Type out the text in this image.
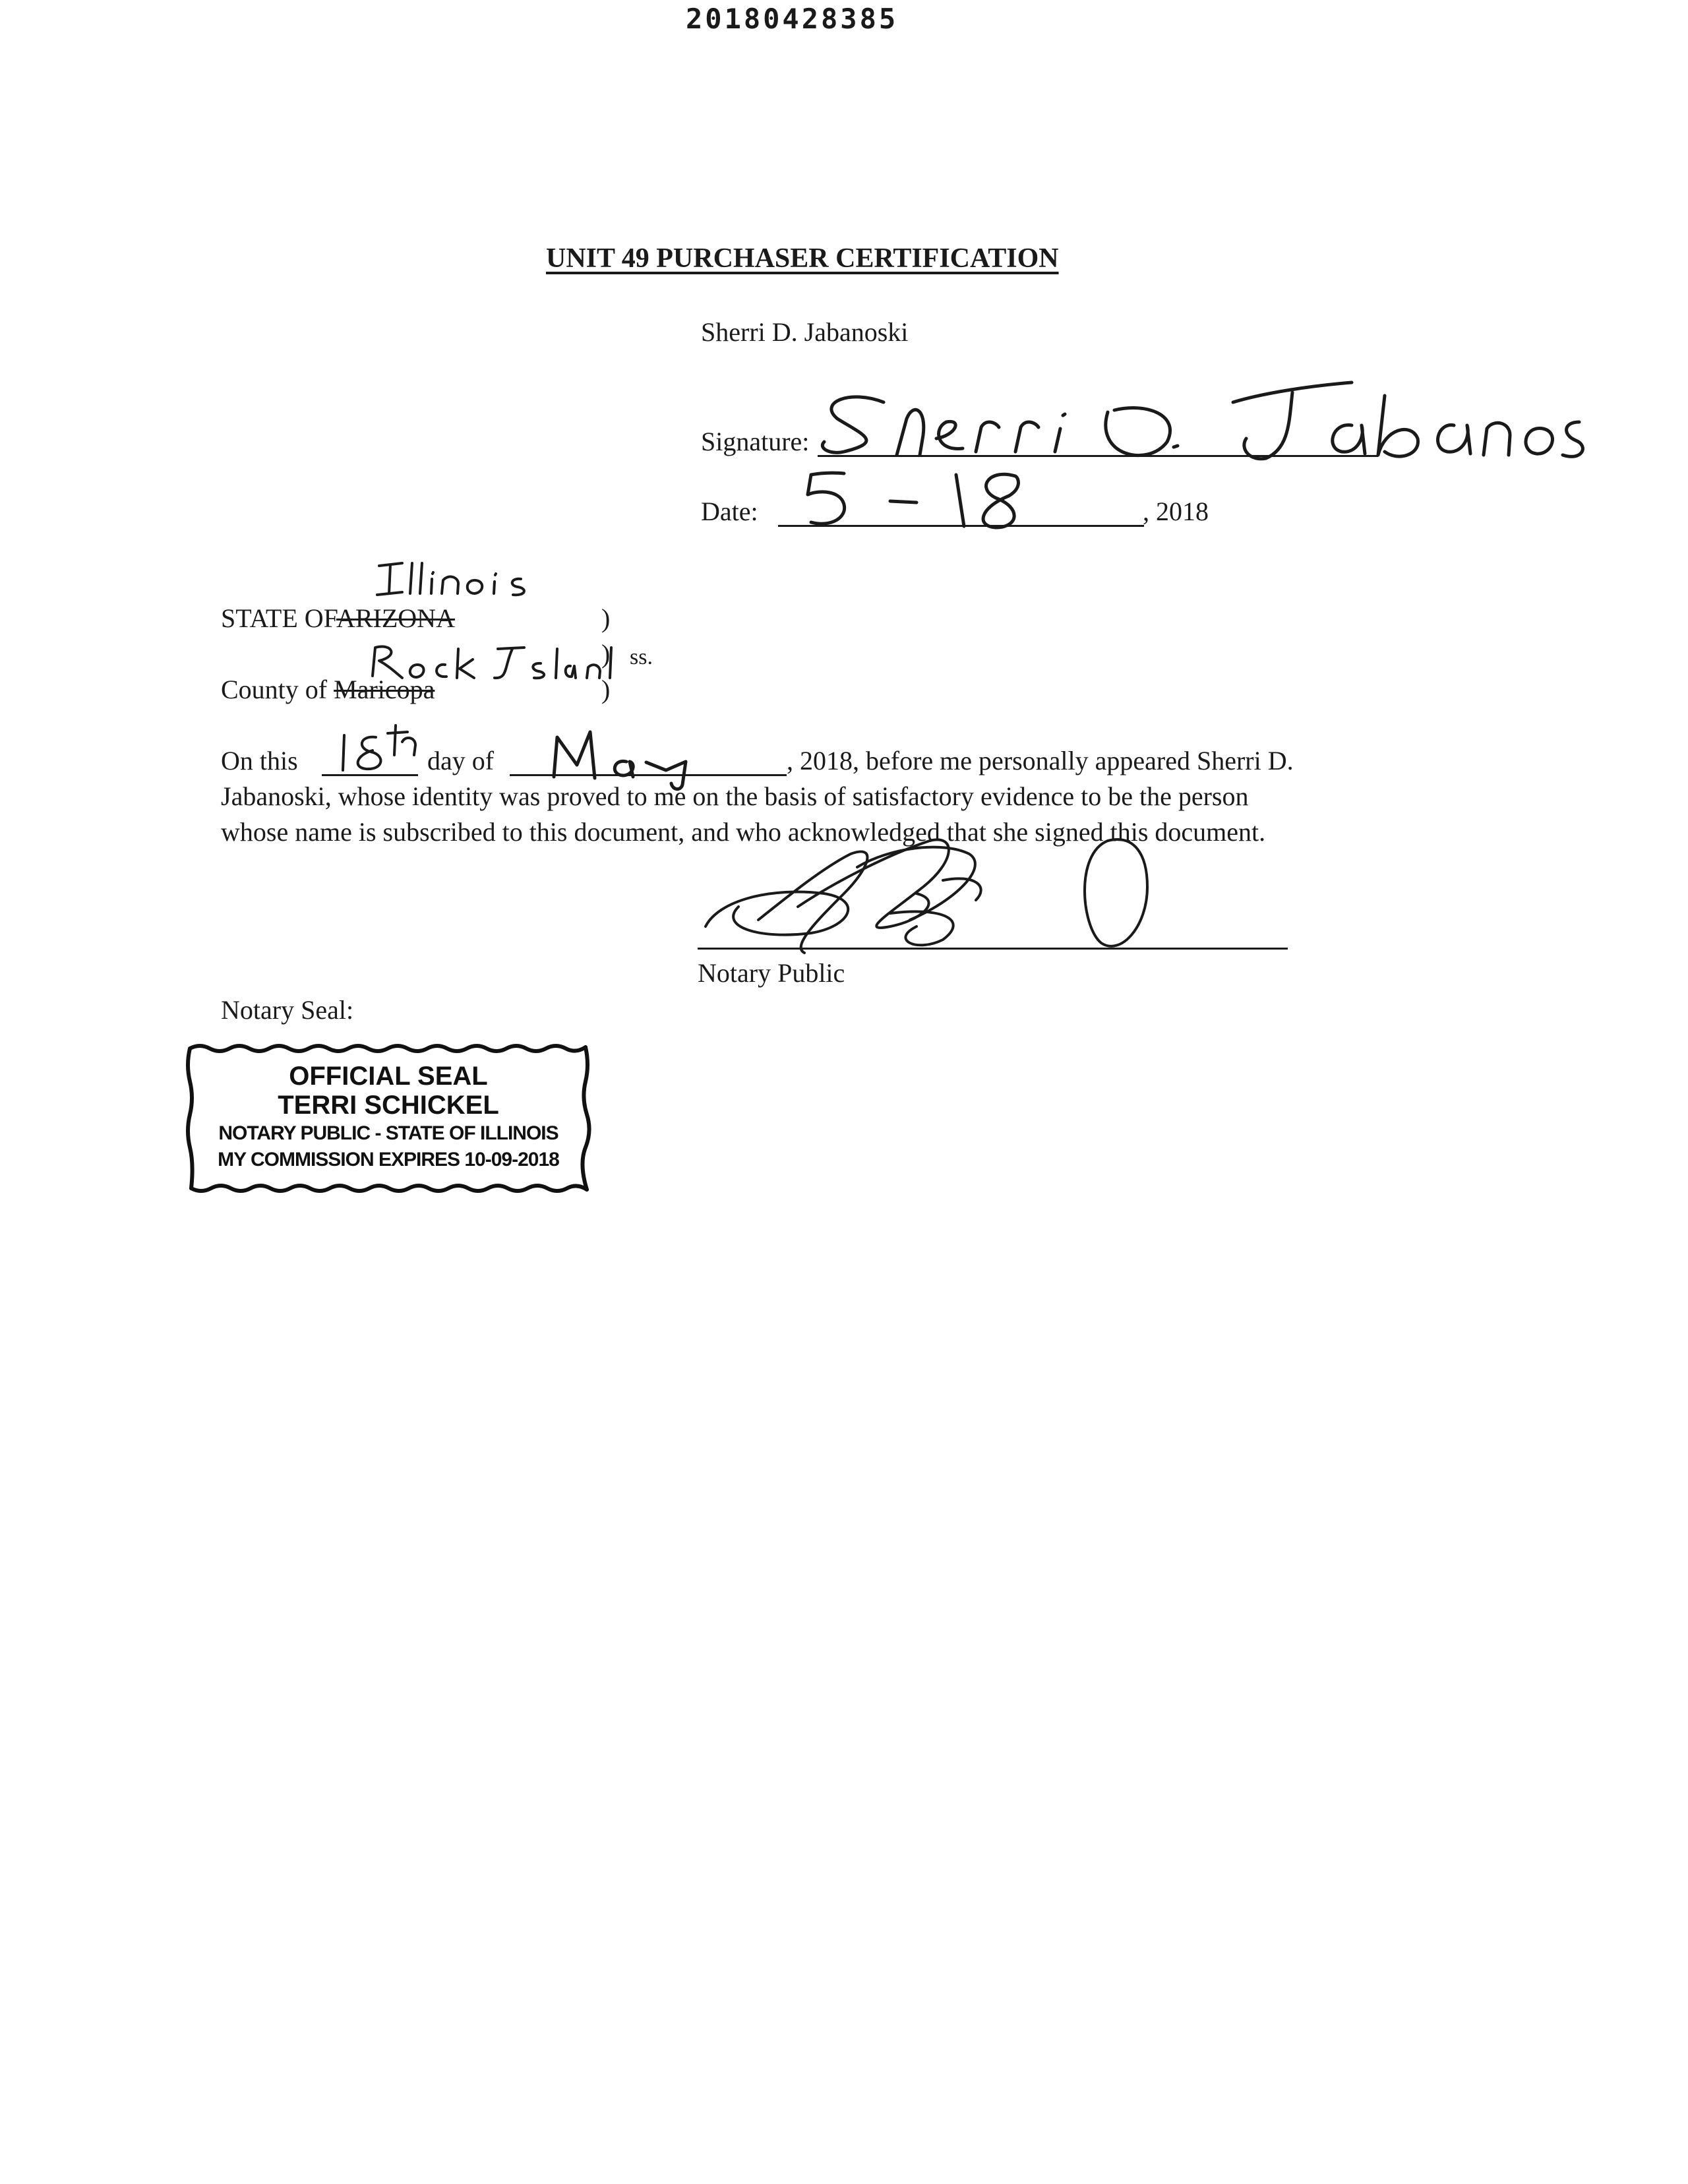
20180428385
UNIT 49 PURCHASER CERTIFICATION
Sherri D. Jabanoski
Signature:
Date:	, 2018
STATE OFARIZONA	)
) ss.
)
County of Maricopa
On this	day of	, 2018, before me personally appeared Sherri D.
Jabanoski, whose identity was proved to me on the basis of satisfactory evidence to be the person
whose name is subscribed to this document, and who acknowledged that she signed this document.
Notary Public
Notary Seal:
OFFICIAL SEAL
TERRI SCHICKEL
NOTARY PUBLIC - STATE OF ILLINOIS
MY COMMISSION EXPIRES 10-09-2018
